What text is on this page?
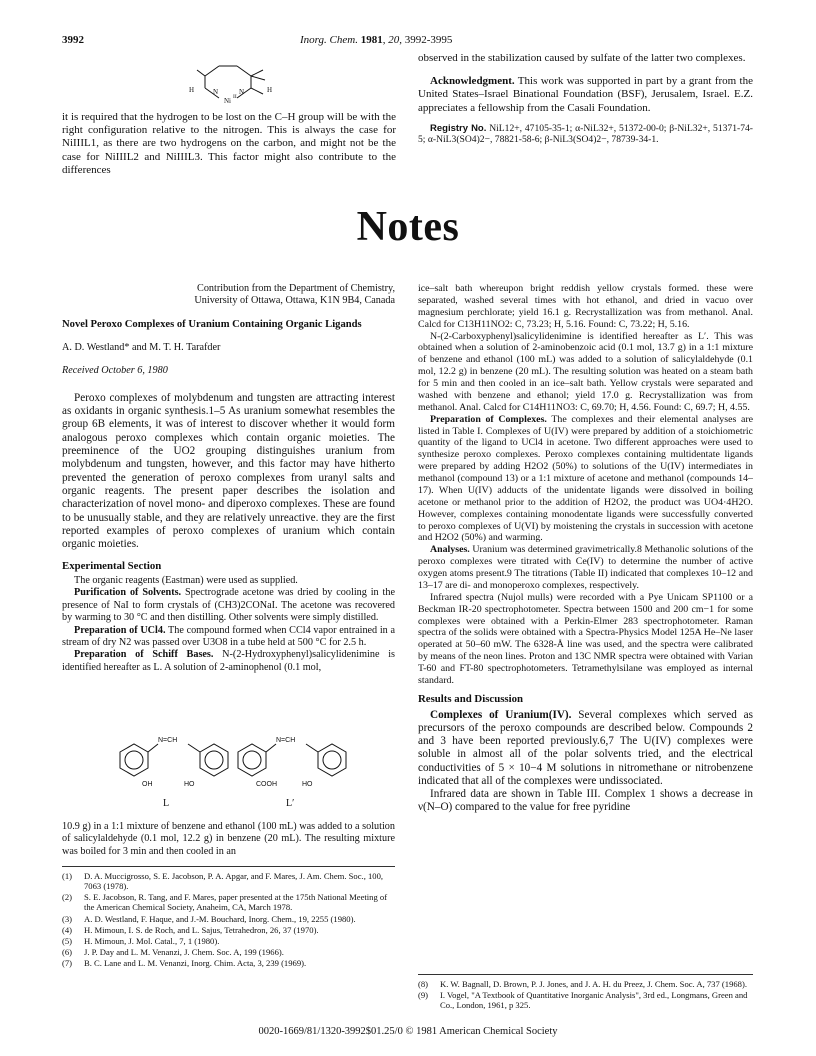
3992	Inorg. Chem. 1981, 20, 3992-3995
H	N
Ni II
N	H

it is required that the hydrogen to be lost on the C–H group will be with the right configuration relative to the nitrogen. This is always the case for NiIIIL1, as there are two hydrogens on the carbon, and might not be the case for NiIIIL2 and NiIIIL3. This factor might also contribute to the differences

observed in the stabilization caused by sulfate of the latter two complexes.

Acknowledgment. This work was supported in part by a grant from the United States–Israel Binational Foundation (BSF), Jerusalem, Israel. E.Z. appreciates a fellowship from the Casali Foundation.

Registry No. NiL12+, 47105-35-1; α-NiL32+, 51372-00-0; β-NiL32+, 51371-74-5; α-NiL3(SO4)2−, 78821-58-6; β-NiL3(SO4)2−, 78739-34-1.

Notes
Contribution from the Department of Chemistry,
University of Ottawa, Ottawa, K1N 9B4, Canada
Novel Peroxo Complexes of Uranium Containing Organic Ligands
A. D. Westland* and M. T. H. Tarafder
Received October 6, 1980

Peroxo complexes of molybdenum and tungsten are attracting interest as oxidants in organic synthesis.1–5 As uranium somewhat resembles the group 6B elements, it was of interest to discover whether it would form analogous peroxo complexes which contain organic moieties. The preeminence of the UO2 grouping distinguishes uranium from molybdenum and tungsten, however, and this factor may have hitherto prevented the generation of peroxo complexes from uranyl salts and organic reagents. The present paper describes the isolation and characterization of novel mono- and diperoxo complexes. These are found to be unusually stable, and they are relatively unreactive. they are the first reported examples of peroxo complexes of uranium which contain organic moieties.

Experimental Section

The organic reagents (Eastman) were used as supplied.

Purification of Solvents. Spectrograde acetone was dried by cooling in the presence of NaI to form crystals of (CH3)2CONaI. The acetone was recovered by warming to 30 °C and then distilling. Other solvents were simply distilled.

Preparation of UCl4. The compound formed when CCl4 vapor entrained in a stream of dry N2 was passed over U3O8 in a tube held at 500 °C for 2.5 h.

Preparation of Schiff Bases. N-(2-Hydroxyphenyl)salicylidenimine is identified hereafter as L. A solution of 2-aminophenol (0.1 mol,

N=CH
OH	HO
N=CH
COOH	HO
L	L′

10.9 g) in a 1:1 mixture of benzene and ethanol (100 mL) was added to a solution of salicylaldehyde (0.1 mol, 12.2 g) in benzene (20 mL). The resulting mixture was boiled for 3 min and then cooled in an

(1) D. A. Muccigrosso, S. E. Jacobson, P. A. Apgar, and F. Mares, J. Am. Chem. Soc., 100, 7063 (1978).
(2) S. E. Jacobson, R. Tang, and F. Mares, paper presented at the 175th National Meeting of the American Chemical Society, Anaheim, CA, March 1978.
(3) A. D. Westland, F. Haque, and J.-M. Bouchard, Inorg. Chem., 19, 2255 (1980).
(4) H. Mimoun, I. S. de Roch, and L. Sajus, Tetrahedron, 26, 37 (1970).
(5) H. Mimoun, J. Mol. Catal., 7, 1 (1980).
(6) J. P. Day and L. M. Venanzi, J. Chem. Soc. A, 199 (1966).
(7) B. C. Lane and L. M. Venanzi, Inorg. Chim. Acta, 3, 239 (1969).

ice–salt bath whereupon bright reddish yellow crystals formed. these were separated, washed several times with hot ethanol, and dried in vacuo over magnesium perchlorate; yield 16.1 g. Recrystallization was from methanol. Anal. Calcd for C13H11NO2: C, 73.23; H, 5.16. Found: C, 73.22; H, 5.16.

N-(2-Carboxyphenyl)salicylidenimine is identified hereafter as L′. This was obtained when a solution of 2-aminobenzoic acid (0.1 mol, 13.7 g) in a 1:1 mixture of benzene and ethanol (100 mL) was added to a solution of salicylaldehyde (0.1 mol, 12.2 g) in benzene (20 mL). The resulting solution was heated on a steam bath for 5 min and then cooled in an ice–salt bath. Yellow crystals were separated and washed with benzene and ethanol; yield 17.0 g. Recrystallization was from methanol. Anal. Calcd for C14H11NO3: C, 69.70; H, 4.56. Found: C, 69.7; H, 4.55.

Preparation of Complexes. The complexes and their elemental analyses are listed in Table I. Complexes of U(IV) were prepared by addition of a stoichiometric quantity of the ligand to UCl4 in acetone. Two different approaches were used to synthesize peroxo complexes. Peroxo complexes containing multidentate ligands were prepared by adding H2O2 (50%) to solutions of the U(IV) intermediates in methanol (compound 13) or a 1:1 mixture of acetone and methanol (compounds 14–17). When U(IV) adducts of the unidentate ligands were dissolved in boiling acetone or methanol prior to the addition of H2O2, the product was UO4·4H2O. However, complexes containing monodentate ligands were successfully converted to peroxo complexes of U(VI) by moistening the crystals in succession with acetone and H2O2 (50%) and warming.

Analyses. Uranium was determined gravimetrically.8 Methanolic solutions of the peroxo complexes were titrated with Ce(IV) to determine the number of active oxygen atoms present.9 The titrations (Table II) indicated that complexes 10–12 and 13–17 are di- and monoperoxo complexes, respectively.

Infrared spectra (Nujol mulls) were recorded with a Pye Unicam SP1100 or a Beckman IR-20 spectrophotometer. Spectra between 1500 and 200 cm−1 for some complexes were obtained with a Perkin-Elmer 283 spectrophotometer. Raman spectra of the solids were obtained with a Spectra-Physics Model 125A He–Ne laser operated at 50–60 mW. The 6328-Å line was used, and the spectra were calibrated by means of the neon lines. Proton and 13C NMR spectra were obtained with Varian T-60 and FT-80 spectrophotometers. Tetramethylsilane was employed as internal standard.

Results and Discussion

Complexes of Uranium(IV). Several complexes which served as precursors of the peroxo compounds are described below. Compounds 2 and 3 have been reported previously.6,7 The U(IV) complexes were soluble in almost all of the polar solvents tried, and the electrical conductivities of 5 × 10−4 M solutions in nitromethane or nitrobenzene indicated that all of the complexes were undissociated.

Infrared data are shown in Table III. Complex 1 shows a decrease in ν(N–O) compared to the value for free pyridine

(8) K. W. Bagnall, D. Brown, P. J. Jones, and J. A. H. du Preez, J. Chem. Soc. A, 737 (1968).
(9) I. Vogel, "A Textbook of Quantitative Inorganic Analysis", 3rd ed., Longmans, Green and Co., London, 1961, p 325.
0020-1669/81/1320-3992$01.25/0 © 1981 American Chemical Society
